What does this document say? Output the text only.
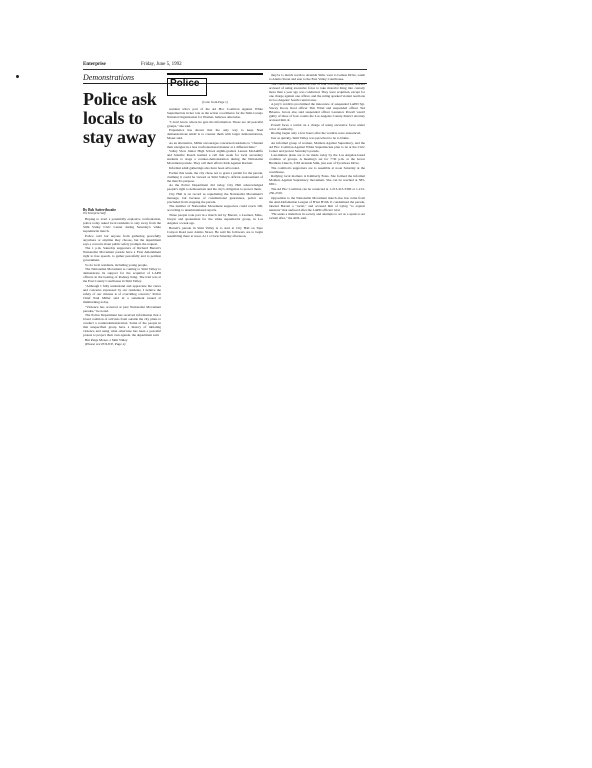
Enterprise	Friday, June 5, 1992
Demonstrations
Police ask locals to stay away
By Bob Satterthwaite
The Enterprise Staff

Hoping to avert a potentially explosive confrontation, police today asked local residents to stay away from the Simi Valley Civic Center during Saturday's white supremacist march.

Police can't bar anyone from gathering peacefully anywhere or anytime they choose, but the department says a concern about public safety prompts the request.

The 1 p.m. Saturday supporters of Richard Barrett's Nationalist Movement parade have a First Amendment right to free speech, to gather peacefully and to petition government.

So do local residents, including young people.

The Nationalist Movement is coming to Simi Valley to demonstrate its support for the acquittal of LAPD officers in the beating of Rodney King. The trial was at the East County Courthouse in Simi Valley.

"Although I fully understand and appreciate the views and concerns expressed by our residents, I believe the safety of our citizens is of overriding concern," Police Chief Paul Miller said in a statement issued at midmorning today.

"Violence has occurred at past Nationalist Movement parades," he noted.

The Police Department has received information that a broad coalition of activists from outside the city plans to conduct a counterdemonstration. Some of the people in that unspecified group have a history of initiating violence and using what otherwise has been a peaceful protest to project their own agenda, the department said.

But Paige Moser, a Simi Valley

(Please see POLICE, Page 4)

Police
(Cont. from Page 1)

resident who's part of the Ad Hoc Coalition Against White Supremacists in her role as the action coordinator for the Simi-Conejo National Organization for Women, believes otherwise.

"I don't know where he gets his information. These are all peaceful groups," she said.

Experience has shown that the only way to keep Nazi demonstrations small is to counter them with larger demonstrations, Moser said.

As an alternative, Miller encourages concerned residents to "channel their energies in a less confrontational manner at a different time."

Valley View Junior High School eighth-graders Lauren McAuliffe and Jennifer Roach teamed a call this week for local secondary students to stage a counter-demonstration during the Nationalist Movement parade. They call their efforts Kids Against Racism.

Informal adult gatherings also have been advocated.

Earlier this week, the city chose not to grant a permit for the parade, claiming it could be viewed as Simi Valley's official endorsement of the march's purpose.

As the Police Department did today, City Hall acknowledged people's right to demonstrate and the city's obligation to protect them.

City Hall is on record as repudiating the Nationalist Movement's message, but because of constitutional guarantees, police are precluded from stopping the parade.

The number of Nationalist Movement supporters could reach 100, according to unsubstantiated reports.

Three people took part in a march led by Barrett, a Learned, Miss., lawyer and spokesman for the white supremacist group, in Los Angeles a week ago.

Barrett's parade in Simi Valley is to start at City Hall on Tapo Canyon Road near Alamo Street. He said his followers are to begin assembling there at noon. At 1 o'clock Saturday afternoon,

they're to march north to Avenida Simi, west to Lemon Drive, south to Alamo Street and east to the East Valley Courthouse.

The courthouse is where the trial of four Los Angeles police officers accused of using excessive force to take motorist King into custody more than a year ago was conducted. They were acquitted, except for one charge against one officer, and the ruling sparked violent reactions in Los Angeles' South Central area.

A jury's verdicts proclaimed the innocence of suspended LAPD Sgt. Stacey Koon, fired officer Tim Wind and suspended officer Ted Briseno. Jurors also said suspended officer Laurence Powell wasn't guilty of three of four counts the Los Angeles County district attorney accused him of.

Powell faces a retrial on a charge of using excessive force under color of authority.

Rioting began only a few hours after the verdicts were announced.

Just as quickly, Simi Valley was perceived to be to blame.

An informal group of women, Mothers Against Supremacy, and the Ad Hoc Coalition Against White Supremacists plan to be at the Civic Center and protest Saturday's parade.

Last-minute plans are to be made today by the Los Angeles-based coalition of groups. A meeting's set for 7:30 p.m. at the Grace Brethren Church, 3163 Avenida Simi, just east of Sycamore Drive.

The coalition's supporters are to assemble at noon Saturday at the courthouse.

Rallying local mothers is Kimberly Estes. She formed the informal Mothers Against Supremacy movement. She can be reached at 583-6651.

The Ad Hoc Coalition can be contacted at 1-213-413-3300 or 1-213-250-2310.

Opposition to the Nationalist Movement march also has come from the Anti-Defamation League of B'nai B'rith. It condemned the parade, labeled Barrett a "racist," and accused him of trying "to exploit tensions" that surfaced after the LAPD officers' trial.

"He seeks a tinderbox in society and attempts to act as a spark to set racism afire," the ADL said.
